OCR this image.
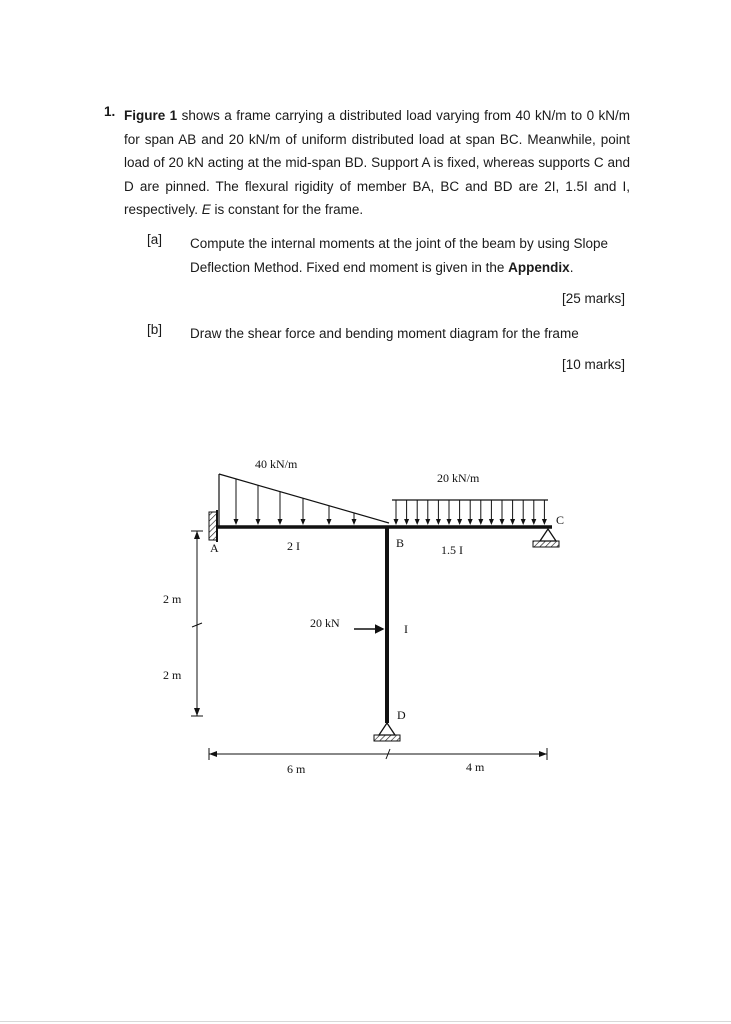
1. Figure 1 shows a frame carrying a distributed load varying from 40 kN/m to 0 kN/m for span AB and 20 kN/m of uniform distributed load at span BC. Meanwhile, point load of 20 kN acting at the mid-span BD. Support A is fixed, whereas supports C and D are pinned. The flexural rigidity of member BA, BC and BD are 2I, 1.5I and I, respectively. E is constant for the frame.
[a] Compute the internal moments at the joint of the beam by using Slope Deflection Method. Fixed end moment is given in the Appendix.
[25 marks]
[b] Draw the shear force and bending moment diagram for the frame
[10 marks]
40 kN/m
20 kN/m
A	B
C
D
2 I	1.5 I
I
20 kN
2 m
2 m
6 m	4 m
